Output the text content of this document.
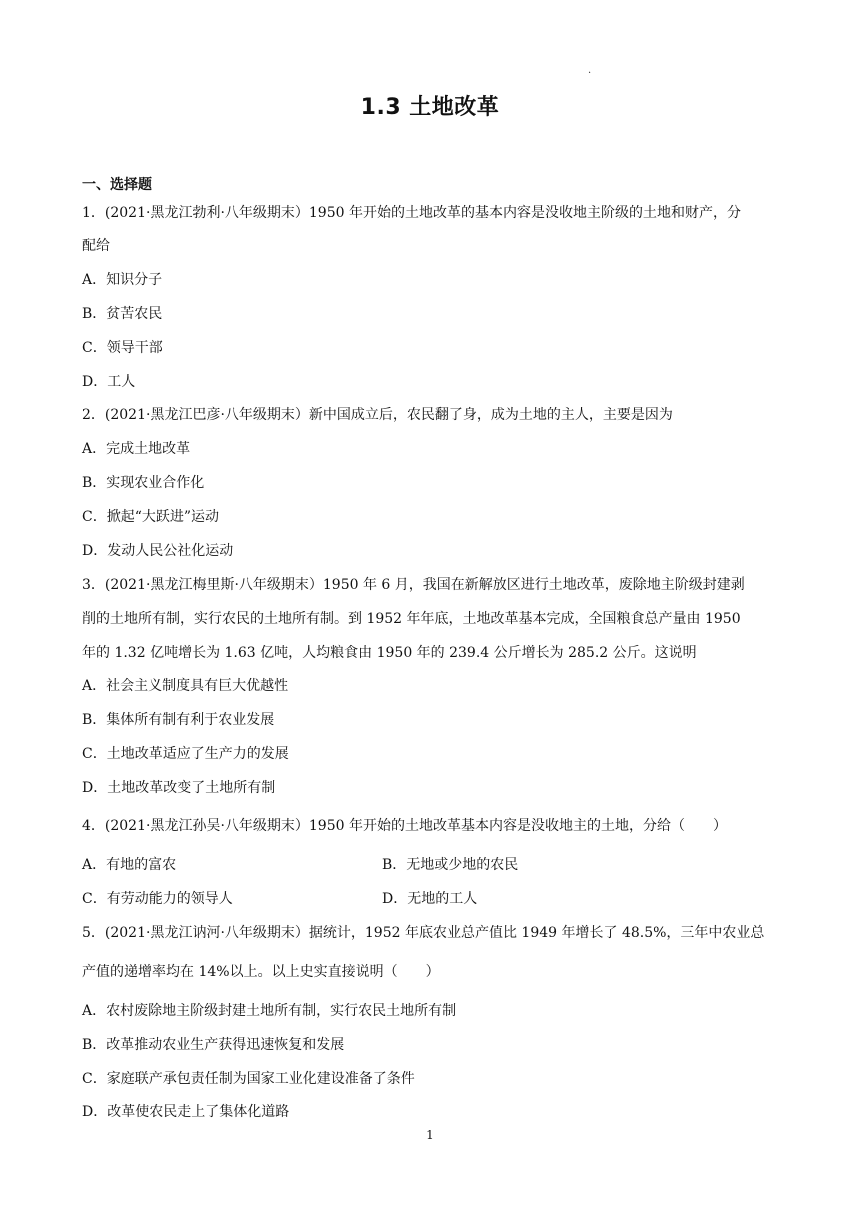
.
1.3 土地改革
一、选择题
1．(2021·黑龙江勃利·八年级期末）1950 年开始的土地改革的基本内容是没收地主阶级的土地和财产，分
配给
A．知识分子
B．贫苦农民
C．领导干部
D．工人
2．(2021·黑龙江巴彦·八年级期末）新中国成立后，农民翻了身，成为土地的主人，主要是因为
A．完成土地改革
B．实现农业合作化
C．掀起“大跃进”运动
D．发动人民公社化运动
3．(2021·黑龙江梅里斯·八年级期末）1950 年 6 月，我国在新解放区进行土地改革，废除地主阶级封建剥
削的土地所有制，实行农民的土地所有制。到 1952 年年底，土地改革基本完成，全国粮食总产量由 1950
年的 1.32 亿吨增长为 1.63 亿吨，人均粮食由 1950 年的 239.4 公斤增长为 285.2 公斤。这说明
A．社会主义制度具有巨大优越性
B．集体所有制有利于农业发展
C．土地改革适应了生产力的发展
D．土地改革改变了土地所有制
4．(2021·黑龙江孙吴·八年级期末）1950 年开始的土地改革基本内容是没收地主的土地，分给（　　）
A．有地的富农	B．无地或少地的农民
C．有劳动能力的领导人	D．无地的工人
5．(2021·黑龙江讷河·八年级期末）据统计，1952 年底农业总产值比 1949 年增长了 48.5%，三年中农业总
产值的递增率均在 14%以上。以上史实直接说明（　　）
A．农村废除地主阶级封建土地所有制，实行农民土地所有制
B．改革推动农业生产获得迅速恢复和发展
C．家庭联产承包责任制为国家工业化建设准备了条件
D．改革使农民走上了集体化道路
1
